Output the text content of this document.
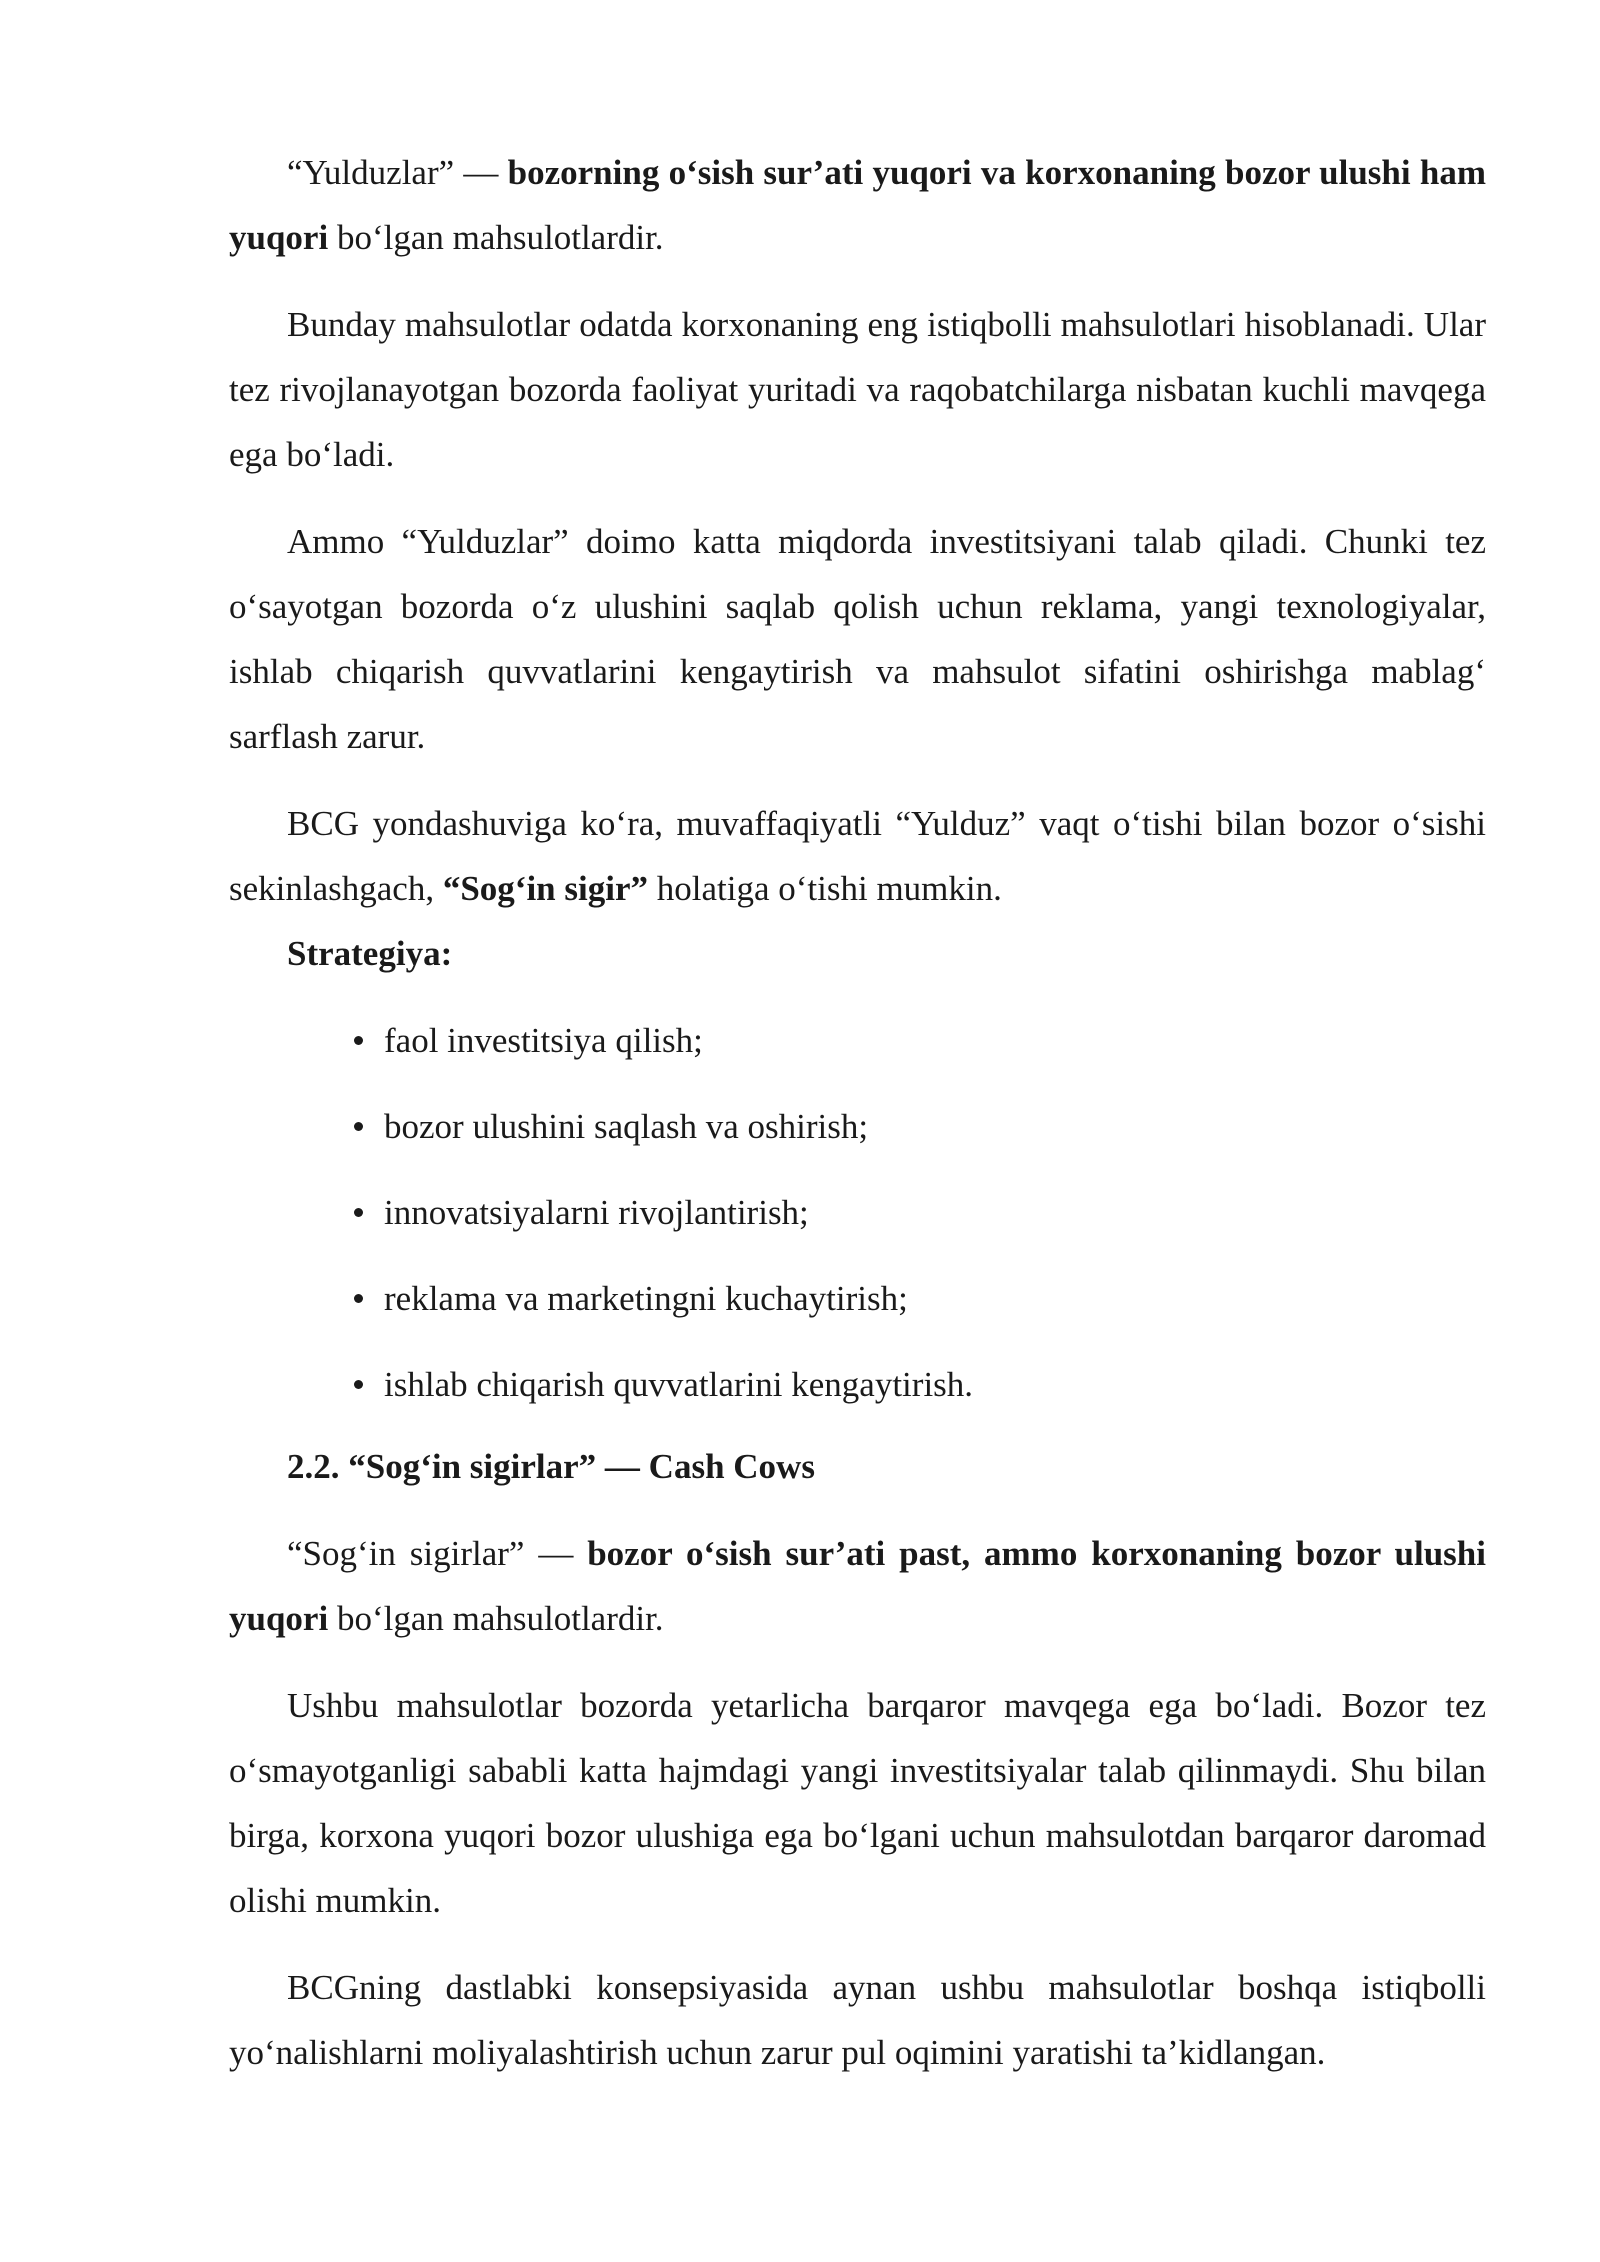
“Yulduzlar” — bozorning o‘sish sur’ati yuqori va korxonaning bozor ulushi ham yuqori bo‘lgan mahsulotlardir.

Bunday mahsulotlar odatda korxonaning eng istiqbolli mahsulotlari hisoblanadi. Ular tez rivojlanayotgan bozorda faoliyat yuritadi va raqobatchilarga nisbatan kuchli mavqega ega bo‘ladi.

Ammo “Yulduzlar” doimo katta miqdorda investitsiyani talab qiladi. Chunki tez o‘sayotgan bozorda o‘z ulushini saqlab qolish uchun reklama, yangi texnologiyalar, ishlab chiqarish quvvatlarini kengaytirish va mahsulot sifatini oshirishga mablag‘ sarflash zarur.

BCG yondashuviga ko‘ra, muvaffaqiyatli “Yulduz” vaqt o‘tishi bilan bozor o‘sishi sekinlashgach, “Sog‘in sigir” holatiga o‘tishi mumkin.

Strategiya:
faol investitsiya qilish;
bozor ulushini saqlash va oshirish;
innovatsiyalarni rivojlantirish;
reklama va marketingni kuchaytirish;
ishlab chiqarish quvvatlarini kengaytirish.
2.2. “Sog‘in sigirlar” — Cash Cows

“Sog‘in sigirlar” — bozor o‘sish sur’ati past, ammo korxonaning bozor ulushi yuqori bo‘lgan mahsulotlardir.

Ushbu mahsulotlar bozorda yetarlicha barqaror mavqega ega bo‘ladi. Bozor tez o‘smayotganligi sababli katta hajmdagi yangi investitsiyalar talab qilinmaydi. Shu bilan birga, korxona yuqori bozor ulushiga ega bo‘lgani uchun mahsulotdan barqaror daromad olishi mumkin.

BCGning dastlabki konsepsiyasida aynan ushbu mahsulotlar boshqa istiqbolli yo‘nalishlarni moliyalashtirish uchun zarur pul oqimini yaratishi ta’kidlangan.
